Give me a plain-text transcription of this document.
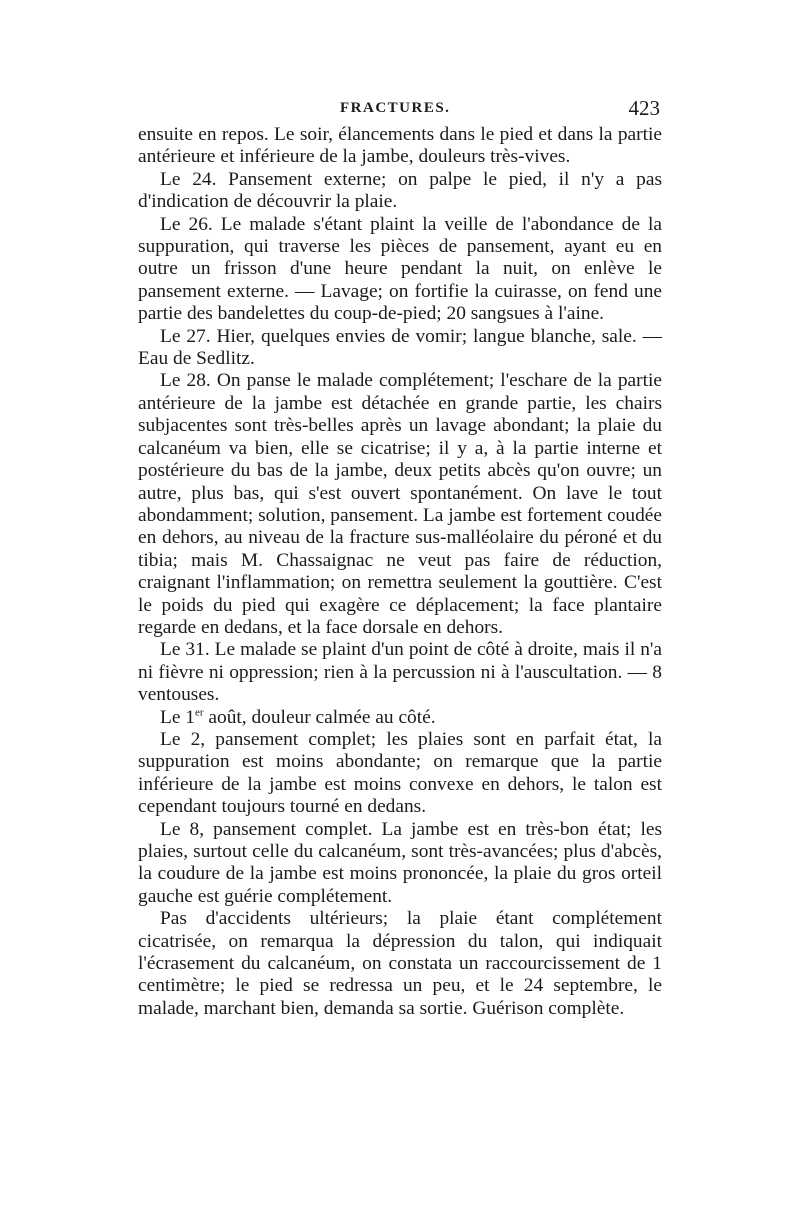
FRACTURES.	423

ensuite en repos. Le soir, élancements dans le pied et dans la partie antérieure et inférieure de la jambe, douleurs très-vives.

Le 24. Pansement externe; on palpe le pied, il n'y a pas d'indication de découvrir la plaie.

Le 26. Le malade s'étant plaint la veille de l'abondance de la suppuration, qui traverse les pièces de pansement, ayant eu en outre un frisson d'une heure pendant la nuit, on enlève le pansement externe. — Lavage; on fortifie la cuirasse, on fend une partie des bandelettes du coup-de-pied; 20 sangsues à l'aine.

Le 27. Hier, quelques envies de vomir; langue blanche, sale. — Eau de Sedlitz.

Le 28. On panse le malade complétement; l'eschare de la partie antérieure de la jambe est détachée en grande partie, les chairs subjacentes sont très-belles après un lavage abondant; la plaie du calcanéum va bien, elle se cicatrise; il y a, à la partie interne et postérieure du bas de la jambe, deux petits abcès qu'on ouvre; un autre, plus bas, qui s'est ouvert spontanément. On lave le tout abondamment; solution, pansement. La jambe est fortement coudée en dehors, au niveau de la fracture sus-malléolaire du péroné et du tibia; mais M. Chassaignac ne veut pas faire de réduction, craignant l'inflammation; on remettra seulement la gouttière. C'est le poids du pied qui exagère ce déplacement; la face plantaire regarde en dedans, et la face dorsale en dehors.

Le 31. Le malade se plaint d'un point de côté à droite, mais il n'a ni fièvre ni oppression; rien à la percussion ni à l'auscultation. — 8 ventouses.

Le 1er août, douleur calmée au côté.

Le 2, pansement complet; les plaies sont en parfait état, la suppuration est moins abondante; on remarque que la partie inférieure de la jambe est moins convexe en dehors, le talon est cependant toujours tourné en dedans.

Le 8, pansement complet. La jambe est en très-bon état; les plaies, surtout celle du calcanéum, sont très-avancées; plus d'abcès, la coudure de la jambe est moins prononcée, la plaie du gros orteil gauche est guérie complétement.

Pas d'accidents ultérieurs; la plaie étant complétement cicatrisée, on remarqua la dépression du talon, qui indiquait l'écrasement du calcanéum, on constata un raccourcissement de 1 centimètre; le pied se redressa un peu, et le 24 septembre, le malade, marchant bien, demanda sa sortie. Guérison complète.
